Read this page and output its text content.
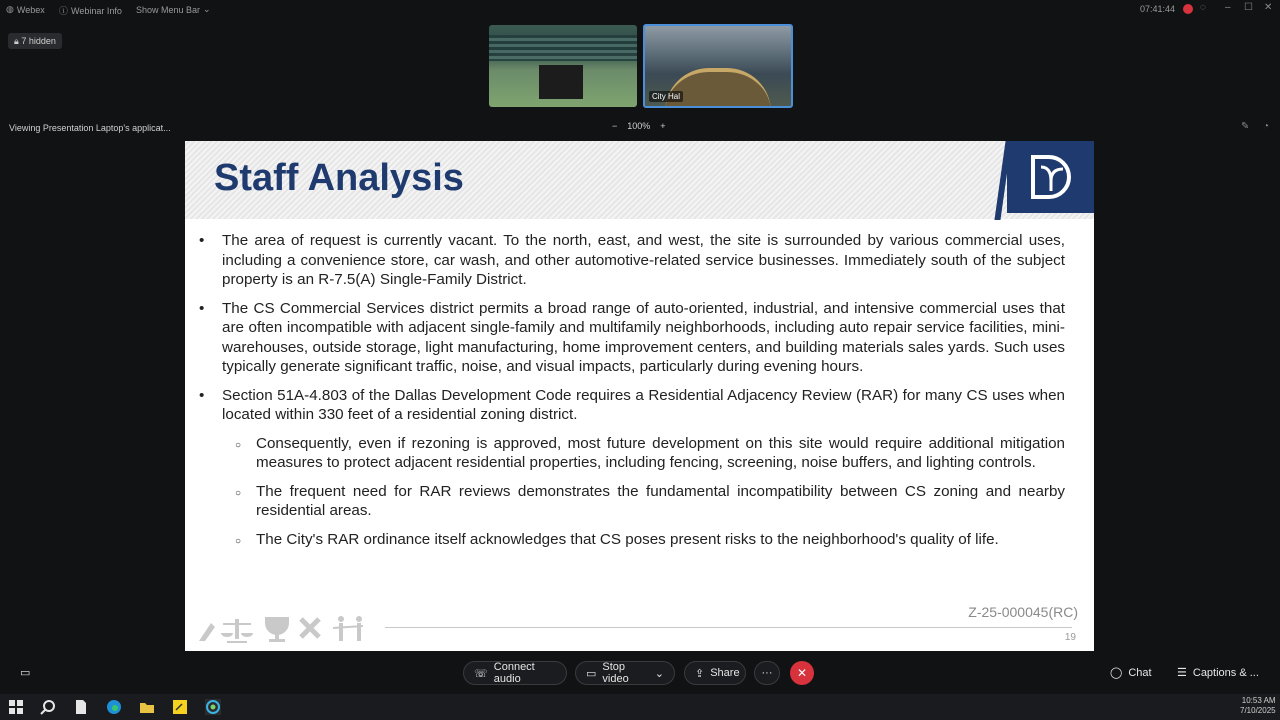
◍ Webex ⓘ Webinar Info Show Menu Bar ⌄	07:41:44 ◌ – ☐ ✕
🔒︎ 7 hidden
City Hal
Viewing Presentation Laptop's applicat...	− 100% +	✎ ◔
Staff Analysis
• The area of request is currently vacant. To the north, east, and west, the site is surrounded by various commercial uses, including a convenience store, car wash, and other automotive-related service businesses. Immediately south of the subject property is an R-7.5(A) Single-Family District.
• The CS Commercial Services district permits a broad range of auto-oriented, industrial, and intensive commercial uses that are often incompatible with adjacent single-family and multifamily neighborhoods, including auto repair service facilities, mini-warehouses, outside storage, light manufacturing, home improvement centers, and building materials sales yards. Such uses typically generate significant traffic, noise, and visual impacts, particularly during evening hours.
• Section 51A-4.803 of the Dallas Development Code requires a Residential Adjacency Review (RAR) for many CS uses when located within 330 feet of a residential zoning district.
○ Consequently, even if rezoning is approved, most future development on this site would require additional mitigation measures to protect adjacent residential properties, including fencing, screening, noise buffers, and lighting controls.
○ The frequent need for RAR reviews demonstrates the fundamental incompatibility between CS zoning and nearby residential areas.
○ The City's RAR ordinance itself acknowledges that CS poses present risks to the neighborhood's quality of life.
Z-25-000045(RC)
19
▭	☏
Connect audio	▭
Stop video	⌄	⇪ Share ···	✕	◯ Chat ☰ Captions & ...
10:53 AM
7/10/2025
